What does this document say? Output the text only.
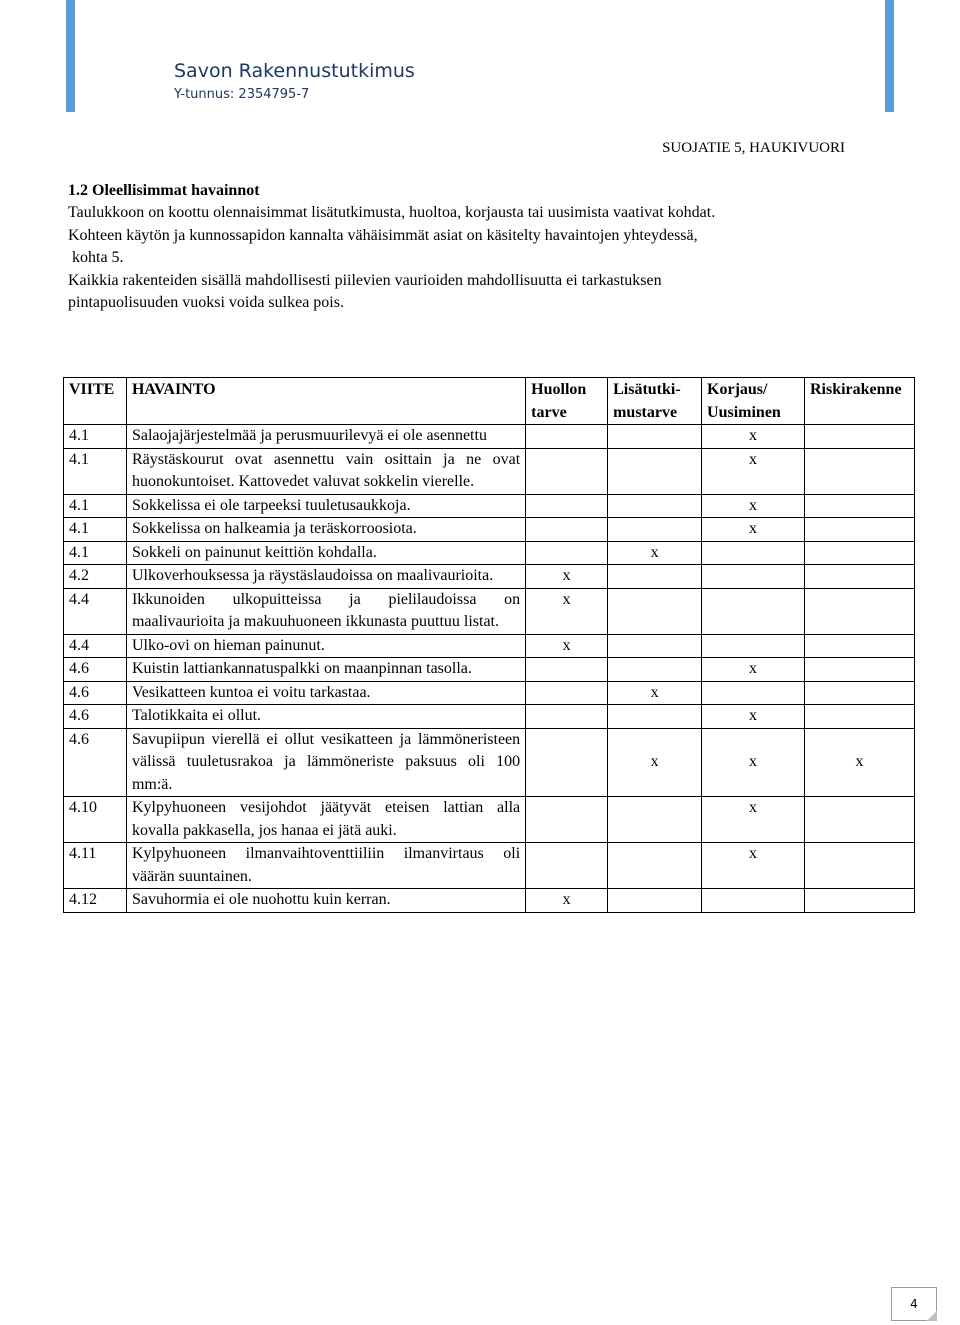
Savon Rakennustutkimus
Y-tunnus: 2354795-7
SUOJATIE 5, HAUKIVUORI
1.2 Oleellisimmat havainnot

Taulukkoon on koottu olennaisimmat lisätutkimusta, huoltoa, korjausta tai uusimista vaativat kohdat.

Kohteen käytön ja kunnossapidon kannalta vähäisimmät asiat on käsitelty havaintojen yhteydessä,

kohta 5.

Kaikkia rakenteiden sisällä mahdollisesti piilevien vaurioiden mahdollisuutta ei tarkastuksen

pintapuolisuuden vuoksi voida sulkea pois.

VIITE	HAVAINTO	Huollon tarve	Lisätutki-mustarve	Korjaus/ Uusiminen	Riskirakenne
4.1	Salaojajärjestelmää ja perusmuurilevyä ei ole asennettu			x	
4.1	Räystäskourut ovat asennettu vain osittain ja ne ovat huonokuntoiset. Kattovedet valuvat sokkelin vierelle.			x	
4.1	Sokkelissa ei ole tarpeeksi tuuletusaukkoja.			x	
4.1	Sokkelissa on halkeamia ja teräskorroosiota.			x	
4.1	Sokkeli on painunut keittiön kohdalla.		x		
4.2	Ulkoverhouksessa ja räystäslaudoissa on maalivaurioita.	x			
4.4	Ikkunoiden ulkopuitteissa ja pielilaudoissa on maalivaurioita ja makuuhuoneen ikkunasta puuttuu listat.	x			
4.4	Ulko-ovi on hieman painunut.	x			
4.6	Kuistin lattiankannatuspalkki on maanpinnan tasolla.			x	
4.6	Vesikatteen kuntoa ei voitu tarkastaa.		x		
4.6	Talotikkaita ei ollut.			x	
4.6	Savupiipun vierellä ei ollut vesikatteen ja lämmöneristeen välissä tuuletusrakoa ja lämmöneriste paksuus oli 100 mm:ä.		x	x	x
4.10	Kylpyhuoneen vesijohdot jäätyvät eteisen lattian alla kovalla pakkasella, jos hanaa ei jätä auki.			x	
4.11	Kylpyhuoneen ilmanvaihtoventtiiliin ilmanvirtaus oli väärän suuntainen.			x	
4.12	Savuhormia ei ole nuohottu kuin kerran.	x			
4
